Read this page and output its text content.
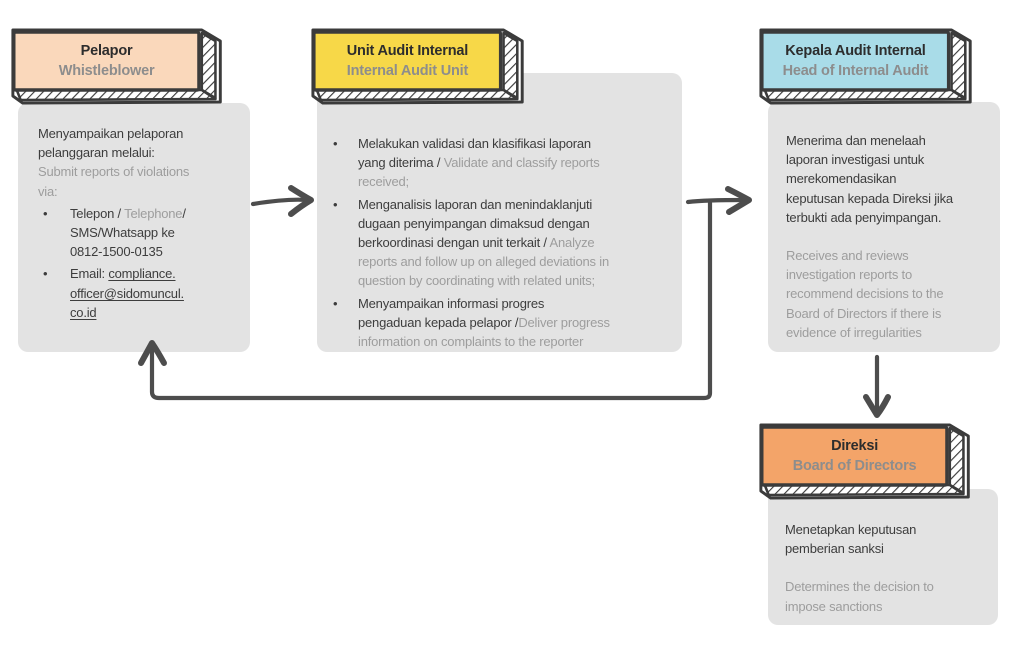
Menyampaikan pelaporan
pelanggaran melalui:
Submit reports of violations
via:

•	Telepon / Telephone/
SMS/Whatsapp ke
0812-1500-0135
•	Email: compliance.
officer@sidomuncul.
co.id
•	Melakukan validasi dan klasifikasi laporan
yang diterima / Validate and classify reports
received;
•	Menganalisis laporan dan menindaklanjuti
dugaan penyimpangan dimaksud dengan
berkoordinasi dengan unit terkait / Analyze
reports and follow up on alleged deviations in
question by coordinating with related units;
•	Menyampaikan informasi progres
pengaduan kepada pelapor /Deliver progress
information on complaints to the reporter

Menerima dan menelaah
laporan investigasi untuk
merekomendasikan
keputusan kepada Direksi jika
terbukti ada penyimpangan.

Receives and reviews
investigation reports to
recommend decisions to the
Board of Directors if there is
evidence of irregularities

Menetapkan keputusan
pemberian sanksi

Determines the decision to
impose sanctions

Pelapor
Whistleblower
Unit Audit Internal
Internal Audit Unit
Kepala Audit Internal
Head of Internal Audit
Direksi
Board of Directors
